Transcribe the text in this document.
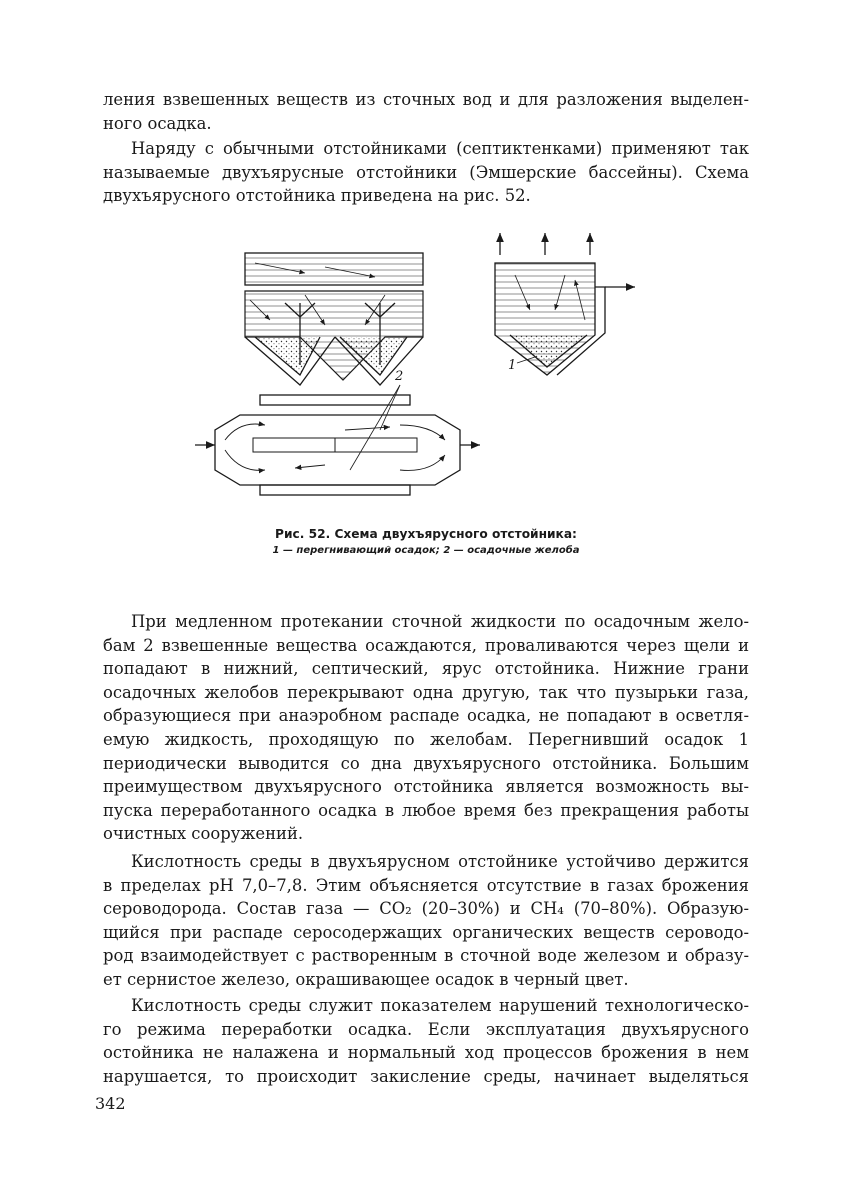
ления взвешенных веществ из сточных вод и для разложения выделен-
ного осадка.

Наряду с обычными отстойниками (септиктенками) применяют так
называемые двухъярусные отстойники (Эмшерские бассейны). Схема
двухъярусного отстойника приведена на рис. 52.

1
2
Рис. 52. Схема двухъярусного отстойника:
1 — перегнивающий осадок; 2 — осадочные желоба

При медленном протекании сточной жидкости по осадочным жело-
бам 2 взвешенные вещества осаждаются, проваливаются через щели и
попадают в нижний, септический, ярус отстойника. Нижние грани
осадочных желобов перекрывают одна другую, так что пузырьки газа,
образующиеся при анаэробном распаде осадка, не попадают в осветля-
емую жидкость, проходящую по желобам. Перегнивший осадок 1
периодически выводится со дна двухъярусного отстойника. Большим
преимуществом двухъярусного отстойника является возможность вы-
пуска переработанного осадка в любое время без прекращения работы
очистных сооружений.

Кислотность среды в двухъярусном отстойнике устойчиво держится
в пределах pH 7,0–7,8. Этим объясняется отсутствие в газах брожения
сероводорода. Состав газа — CO₂ (20–30%) и CH₄ (70–80%). Образую-
щийся при распаде серосодержащих органических веществ сероводо-
род взаимодействует с растворенным в сточной воде железом и образу-
ет сернистое железо, окрашивающее осадок в черный цвет.

Кислотность среды служит показателем нарушений технологическо-
го режима переработки осадка. Если эксплуатация двухъярусного
остойника не налажена и нормальный ход процессов брожения в нем
нарушается, то происходит закисление среды, начинает выделяться

342
